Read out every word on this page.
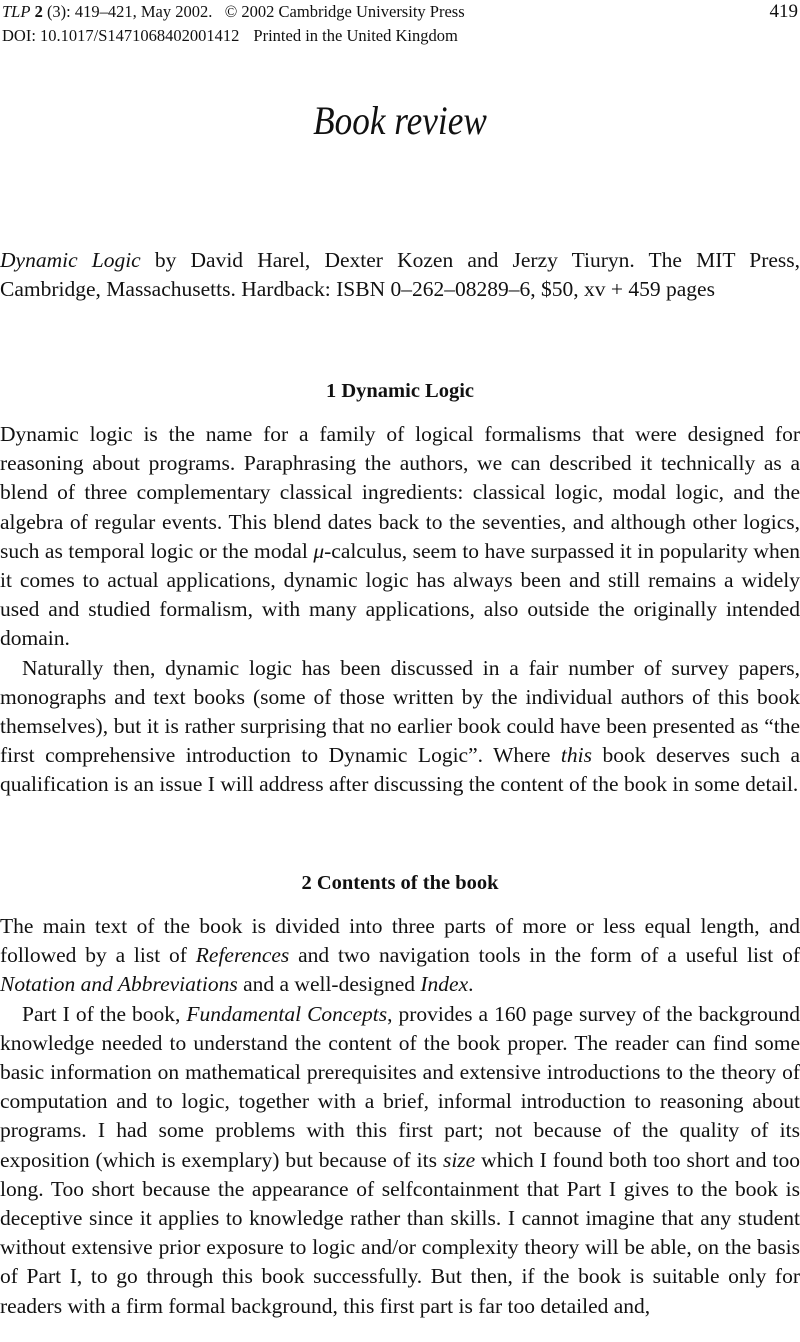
TLP 2 (3): 419–421, May 2002. © 2002 Cambridge University Press	419
DOI: 10.1017/S1471068402001412 Printed in the United Kingdom
Book review
Dynamic Logic by David Harel, Dexter Kozen and Jerzy Tiuryn. The MIT Press, Cambridge, Massachusetts. Hardback: ISBN 0–262–08289–6, $50, xv + 459 pages
1 Dynamic Logic

Dynamic logic is the name for a family of logical formalisms that were designed for reasoning about programs. Paraphrasing the authors, we can described it technically as a blend of three complementary classical ingredients: classical logic, modal logic, and the algebra of regular events. This blend dates back to the seventies, and although other logics, such as temporal logic or the modal μ-calculus, seem to have surpassed it in popularity when it comes to actual applications, dynamic logic has always been and still remains a widely used and studied formalism, with many applications, also outside the originally intended domain.

Naturally then, dynamic logic has been discussed in a fair number of survey papers, monographs and text books (some of those written by the individual authors of this book themselves), but it is rather surprising that no earlier book could have been presented as “the first comprehensive introduction to Dynamic Logic”. Where this book deserves such a qualification is an issue I will address after discussing the content of the book in some detail.

2 Contents of the book

The main text of the book is divided into three parts of more or less equal length, and followed by a list of References and two navigation tools in the form of a useful list of Notation and Abbreviations and a well-designed Index.

Part I of the book, Fundamental Concepts, provides a 160 page survey of the background knowledge needed to understand the content of the book proper. The reader can find some basic information on mathematical prerequisites and extensive introductions to the theory of computation and to logic, together with a brief, informal introduction to reasoning about programs. I had some problems with this first part; not because of the quality of its exposition (which is exemplary) but because of its size which I found both too short and too long. Too short because the appearance of selfcontainment that Part I gives to the book is deceptive since it applies to knowledge rather than skills. I cannot imagine that any student without extensive prior exposure to logic and/or complexity theory will be able, on the basis of Part I, to go through this book successfully. But then, if the book is suitable only for readers with a firm formal background, this first part is far too detailed and,
